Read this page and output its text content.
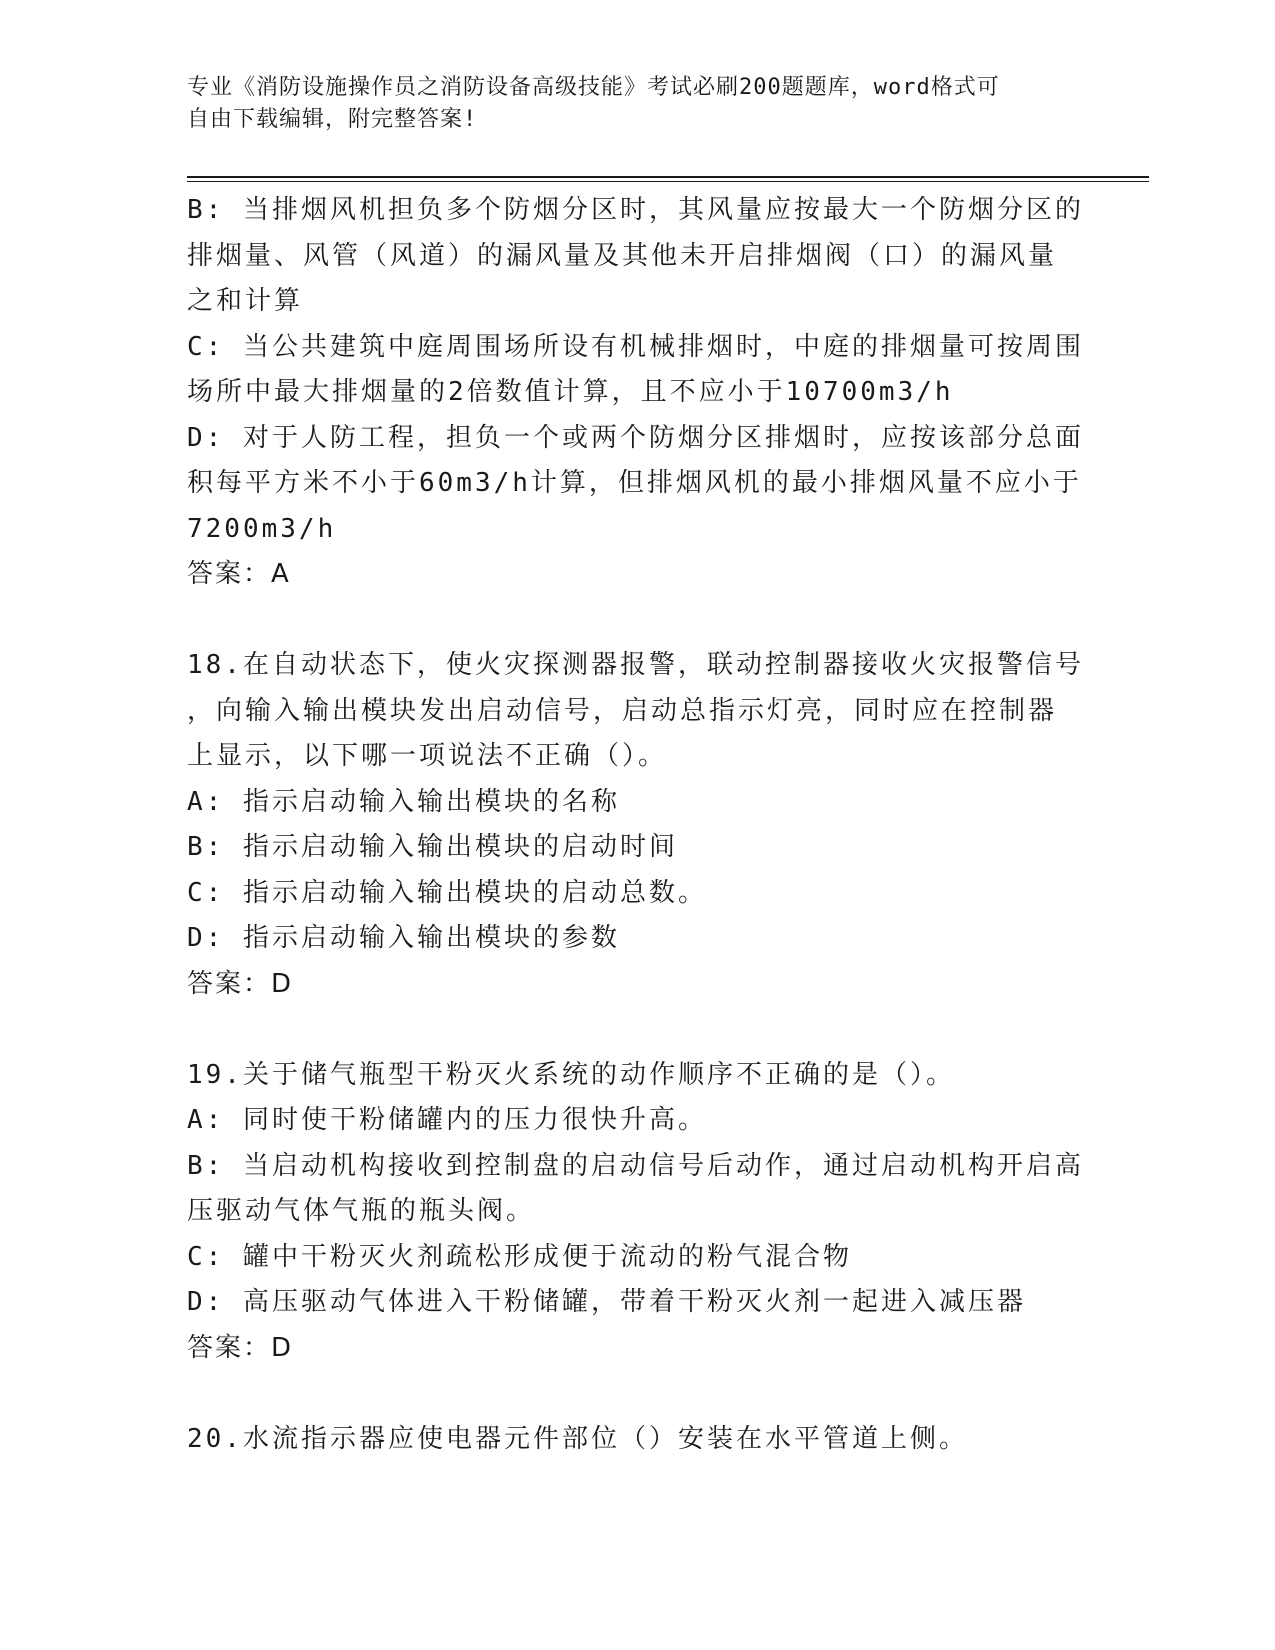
专业《消防设施操作员之消防设备高级技能》考试必刷200题题库，word格式可
自由下载编辑，附完整答案!

B: 当排烟风机担负多个防烟分区时，其风量应按最大一个防烟分区的

排烟量、风管（风道）的漏风量及其他未开启排烟阀（口）的漏风量

之和计算

C: 当公共建筑中庭周围场所设有机械排烟时，中庭的排烟量可按周围

场所中最大排烟量的2倍数值计算，且不应小于10700m3/h

D: 对于人防工程，担负一个或两个防烟分区排烟时，应按该部分总面

积每平方米不小于60m3/h计算，但排烟风机的最小排烟风量不应小于

7200m3/h

答案：A

18.在自动状态下，使火灾探测器报警，联动控制器接收火灾报警信号

，向输入输出模块发出启动信号，启动总指示灯亮，同时应在控制器

上显示，以下哪一项说法不正确（）。

A: 指示启动输入输出模块的名称

B: 指示启动输入输出模块的启动时间

C: 指示启动输入输出模块的启动总数。

D: 指示启动输入输出模块的参数

答案：D

19.关于储气瓶型干粉灭火系统的动作顺序不正确的是（）。

A: 同时使干粉储罐内的压力很快升高。

B: 当启动机构接收到控制盘的启动信号后动作，通过启动机构开启高

压驱动气体气瓶的瓶头阀。

C: 罐中干粉灭火剂疏松形成便于流动的粉气混合物

D: 高压驱动气体进入干粉储罐，带着干粉灭火剂一起进入减压器

答案：D

20.水流指示器应使电器元件部位（）安装在水平管道上侧。
